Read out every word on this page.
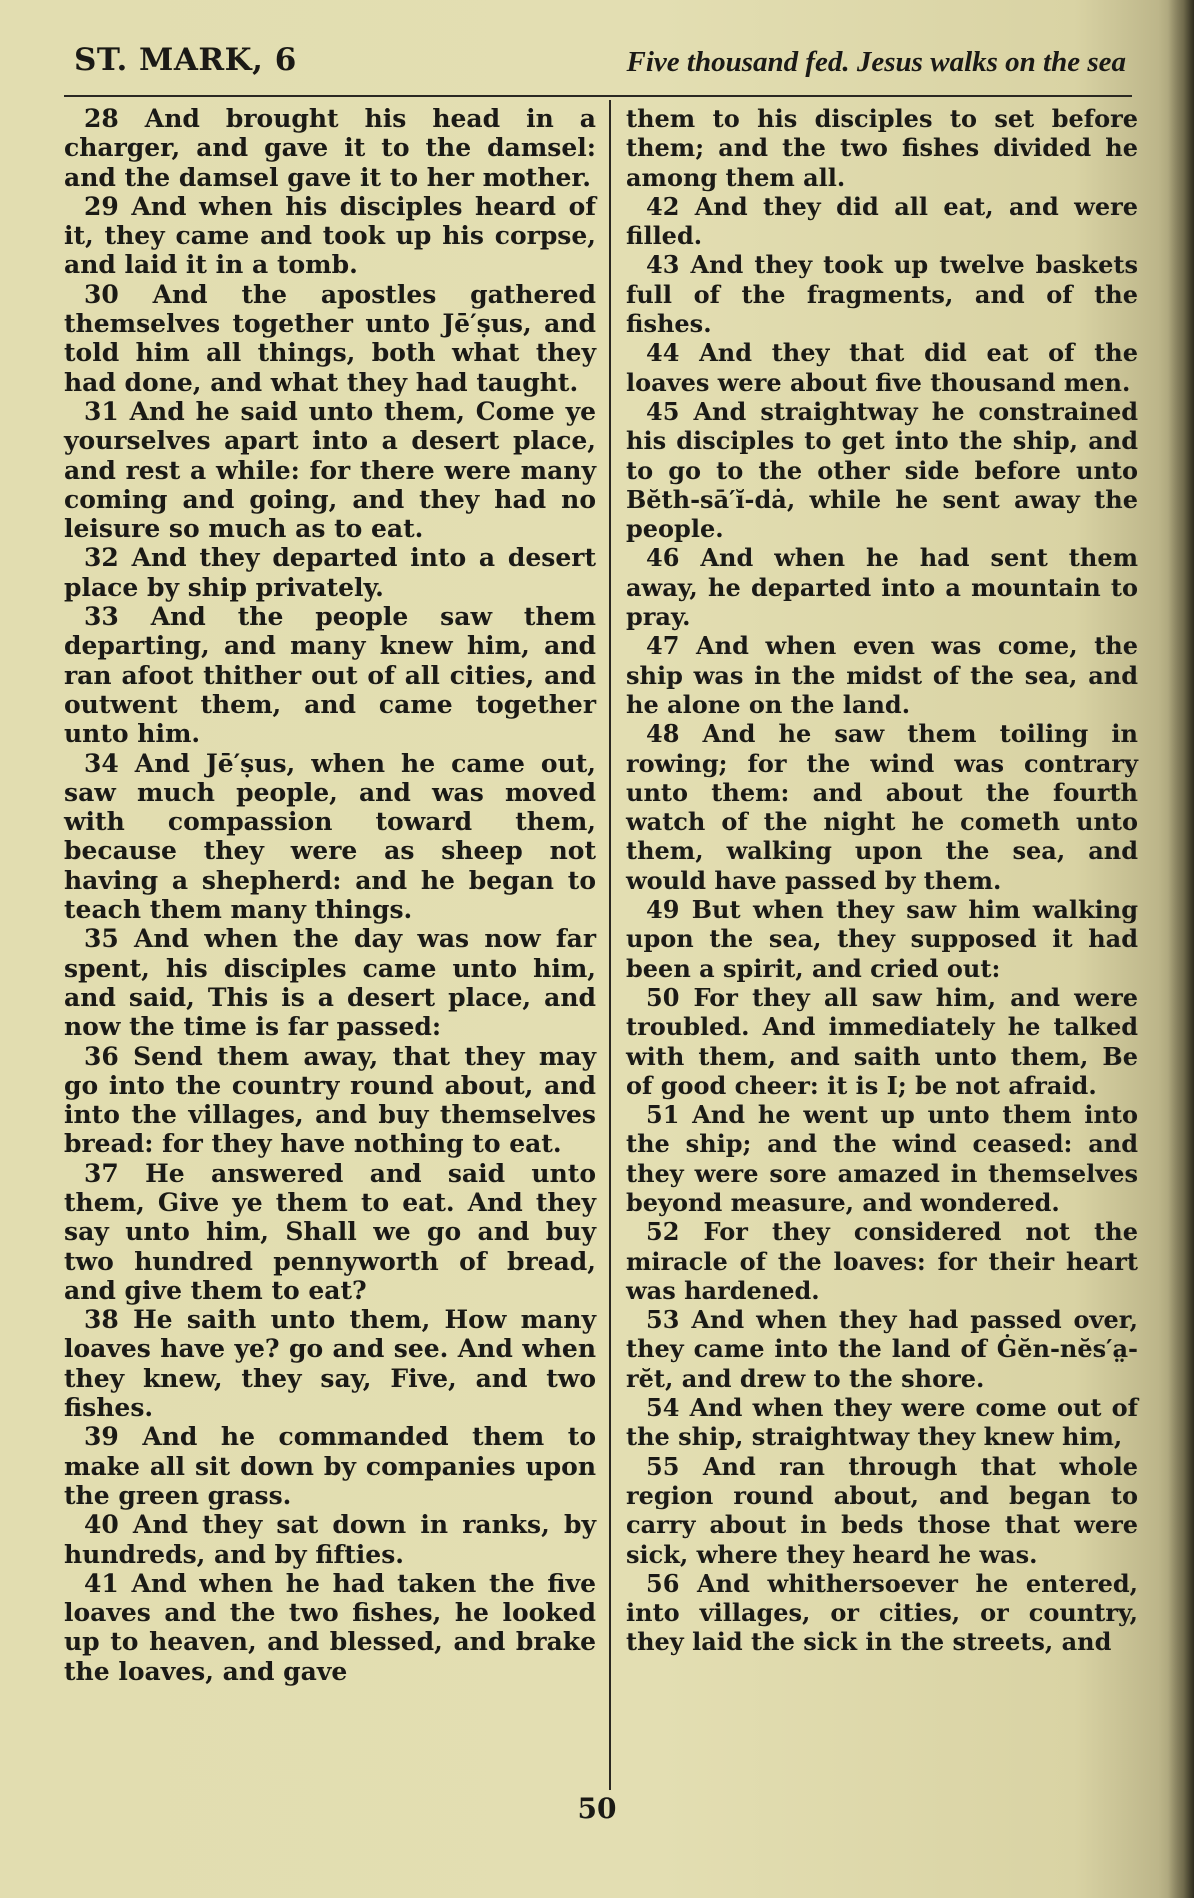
ST. MARK, 6	Five thousand fed. Jesus walks on the sea

28 And brought his head in a charger, and gave it to the damsel: and the damsel gave it to her mother.

29 And when his disciples heard of it, they came and took up his corpse, and laid it in a tomb.

30 And the apostles gathered themselves together unto Jē′ṣus, and told him all things, both what they had done, and what they had taught.

31 And he said unto them, Come ye yourselves apart into a desert place, and rest a while: for there were many coming and going, and they had no leisure so much as to eat.

32 And they departed into a desert place by ship privately.

33 And the people saw them departing, and many knew him, and ran afoot thither out of all cities, and outwent them, and came together unto him.

34 And Jē′ṣus, when he came out, saw much people, and was moved with compassion toward them, because they were as sheep not having a shepherd: and he began to teach them many things.

35 And when the day was now far spent, his disciples came unto him, and said, This is a desert place, and now the time is far passed:

36 Send them away, that they may go into the country round about, and into the villages, and buy themselves bread: for they have nothing to eat.

37 He answered and said unto them, Give ye them to eat. And they say unto him, Shall we go and buy two hundred pennyworth of bread, and give them to eat?

38 He saith unto them, How many loaves have ye? go and see. And when they knew, they say, Five, and two fishes.

39 And he commanded them to make all sit down by companies upon the green grass.

40 And they sat down in ranks, by hundreds, and by fifties.

41 And when he had taken the five loaves and the two fishes, he looked up to heaven, and blessed, and brake the loaves, and gave

them to his disciples to set before them; and the two fishes divided he among them all.

42 And they did all eat, and were filled.

43 And they took up twelve baskets full of the fragments, and of the fishes.

44 And they that did eat of the loaves were about five thousand men.

45 And straightway he constrained his disciples to get into the ship, and to go to the other side before unto Bĕth-sā′ĭ-dȧ, while he sent away the people.

46 And when he had sent them away, he departed into a mountain to pray.

47 And when even was come, the ship was in the midst of the sea, and he alone on the land.

48 And he saw them toiling in rowing; for the wind was contrary unto them: and about the fourth watch of the night he cometh unto them, walking upon the sea, and would have passed by them.

49 But when they saw him walking upon the sea, they supposed it had been a spirit, and cried out:

50 For they all saw him, and were troubled. And immediately he talked with them, and saith unto them, Be of good cheer: it is I; be not afraid.

51 And he went up unto them into the ship; and the wind ceased: and they were sore amazed in themselves beyond measure, and wondered.

52 For they considered not the miracle of the loaves: for their heart was hardened.

53 And when they had passed over, they came into the land of Ġĕn-nĕs′a̤-rĕt, and drew to the shore.

54 And when they were come out of the ship, straightway they knew him,

55 And ran through that whole region round about, and began to carry about in beds those that were sick, where they heard he was.

56 And whithersoever he entered, into villages, or cities, or country, they laid the sick in the streets, and

50
